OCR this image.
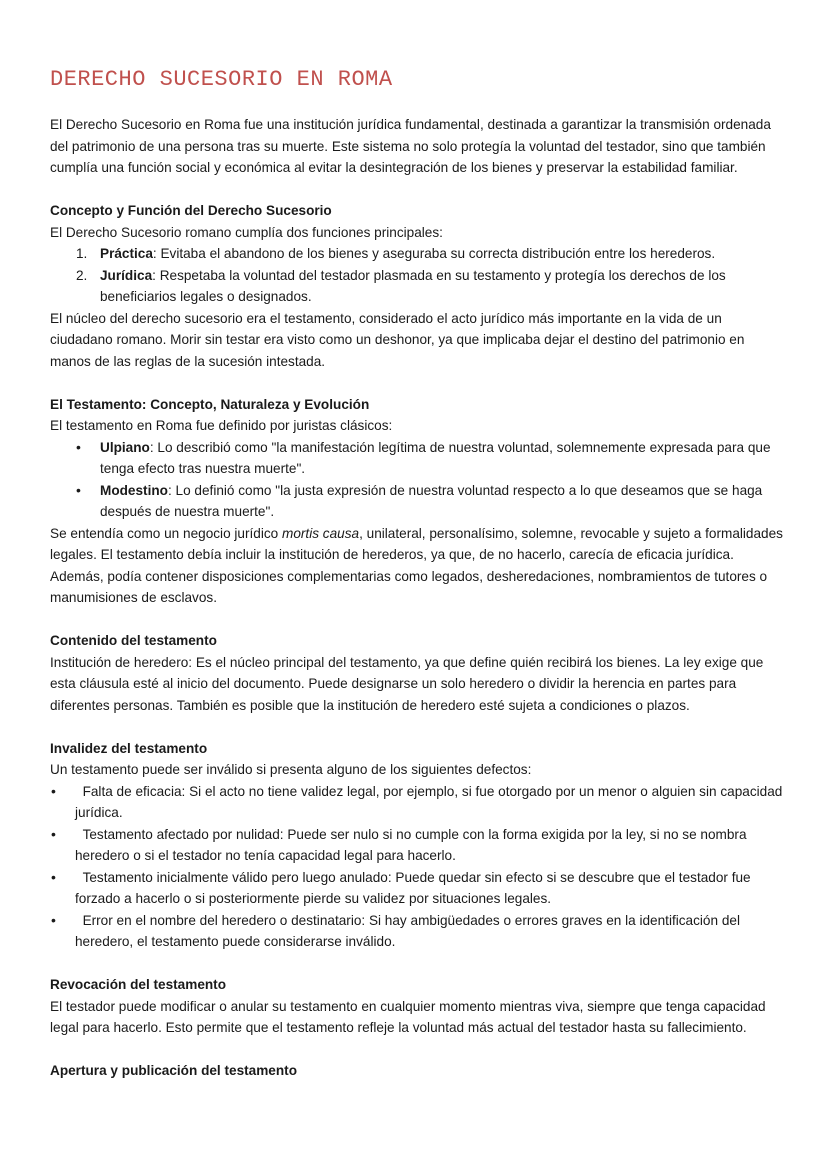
DERECHO SUCESORIO EN ROMA

El Derecho Sucesorio en Roma fue una institución jurídica fundamental, destinada a garantizar la transmisión ordenada del patrimonio de una persona tras su muerte. Este sistema no solo protegía la voluntad del testador, sino que también cumplía una función social y económica al evitar la desintegración de los bienes y preservar la estabilidad familiar.

Concepto y Función del Derecho Sucesorio

El Derecho Sucesorio romano cumplía dos funciones principales:

1. Práctica: Evitaba el abandono de los bienes y aseguraba su correcta distribución entre los herederos.
2. Jurídica: Respetaba la voluntad del testador plasmada en su testamento y protegía los derechos de los beneficiarios legales o designados.

El núcleo del derecho sucesorio era el testamento, considerado el acto jurídico más importante en la vida de un ciudadano romano. Morir sin testar era visto como un deshonor, ya que implicaba dejar el destino del patrimonio en manos de las reglas de la sucesión intestada.

El Testamento: Concepto, Naturaleza y Evolución

El testamento en Roma fue definido por juristas clásicos:

• Ulpiano: Lo describió como "la manifestación legítima de nuestra voluntad, solemnemente expresada para que tenga efecto tras nuestra muerte".
• Modestino: Lo definió como "la justa expresión de nuestra voluntad respecto a lo que deseamos que se haga después de nuestra muerte".

Se entendía como un negocio jurídico mortis causa, unilateral, personalísimo, solemne, revocable y sujeto a formalidades legales. El testamento debía incluir la institución de herederos, ya que, de no hacerlo, carecía de eficacia jurídica. Además, podía contener disposiciones complementarias como legados, desheredaciones, nombramientos de tutores o manumisiones de esclavos.

Contenido del testamento

Institución de heredero: Es el núcleo principal del testamento, ya que define quién recibirá los bienes. La ley exige que esta cláusula esté al inicio del documento. Puede designarse un solo heredero o dividir la herencia en partes para diferentes personas. También es posible que la institución de heredero esté sujeta a condiciones o plazos.

Invalidez del testamento

Un testamento puede ser inválido si presenta alguno de los siguientes defectos:

• Falta de eficacia: Si el acto no tiene validez legal, por ejemplo, si fue otorgado por un menor o alguien sin capacidad jurídica.
• Testamento afectado por nulidad: Puede ser nulo si no cumple con la forma exigida por la ley, si no se nombra heredero o si el testador no tenía capacidad legal para hacerlo.
• Testamento inicialmente válido pero luego anulado: Puede quedar sin efecto si se descubre que el testador fue forzado a hacerlo o si posteriormente pierde su validez por situaciones legales.
• Error en el nombre del heredero o destinatario: Si hay ambigüedades o errores graves en la identificación del heredero, el testamento puede considerarse inválido.
Revocación del testamento

El testador puede modificar o anular su testamento en cualquier momento mientras viva, siempre que tenga capacidad legal para hacerlo. Esto permite que el testamento refleje la voluntad más actual del testador hasta su fallecimiento.

Apertura y publicación del testamento
